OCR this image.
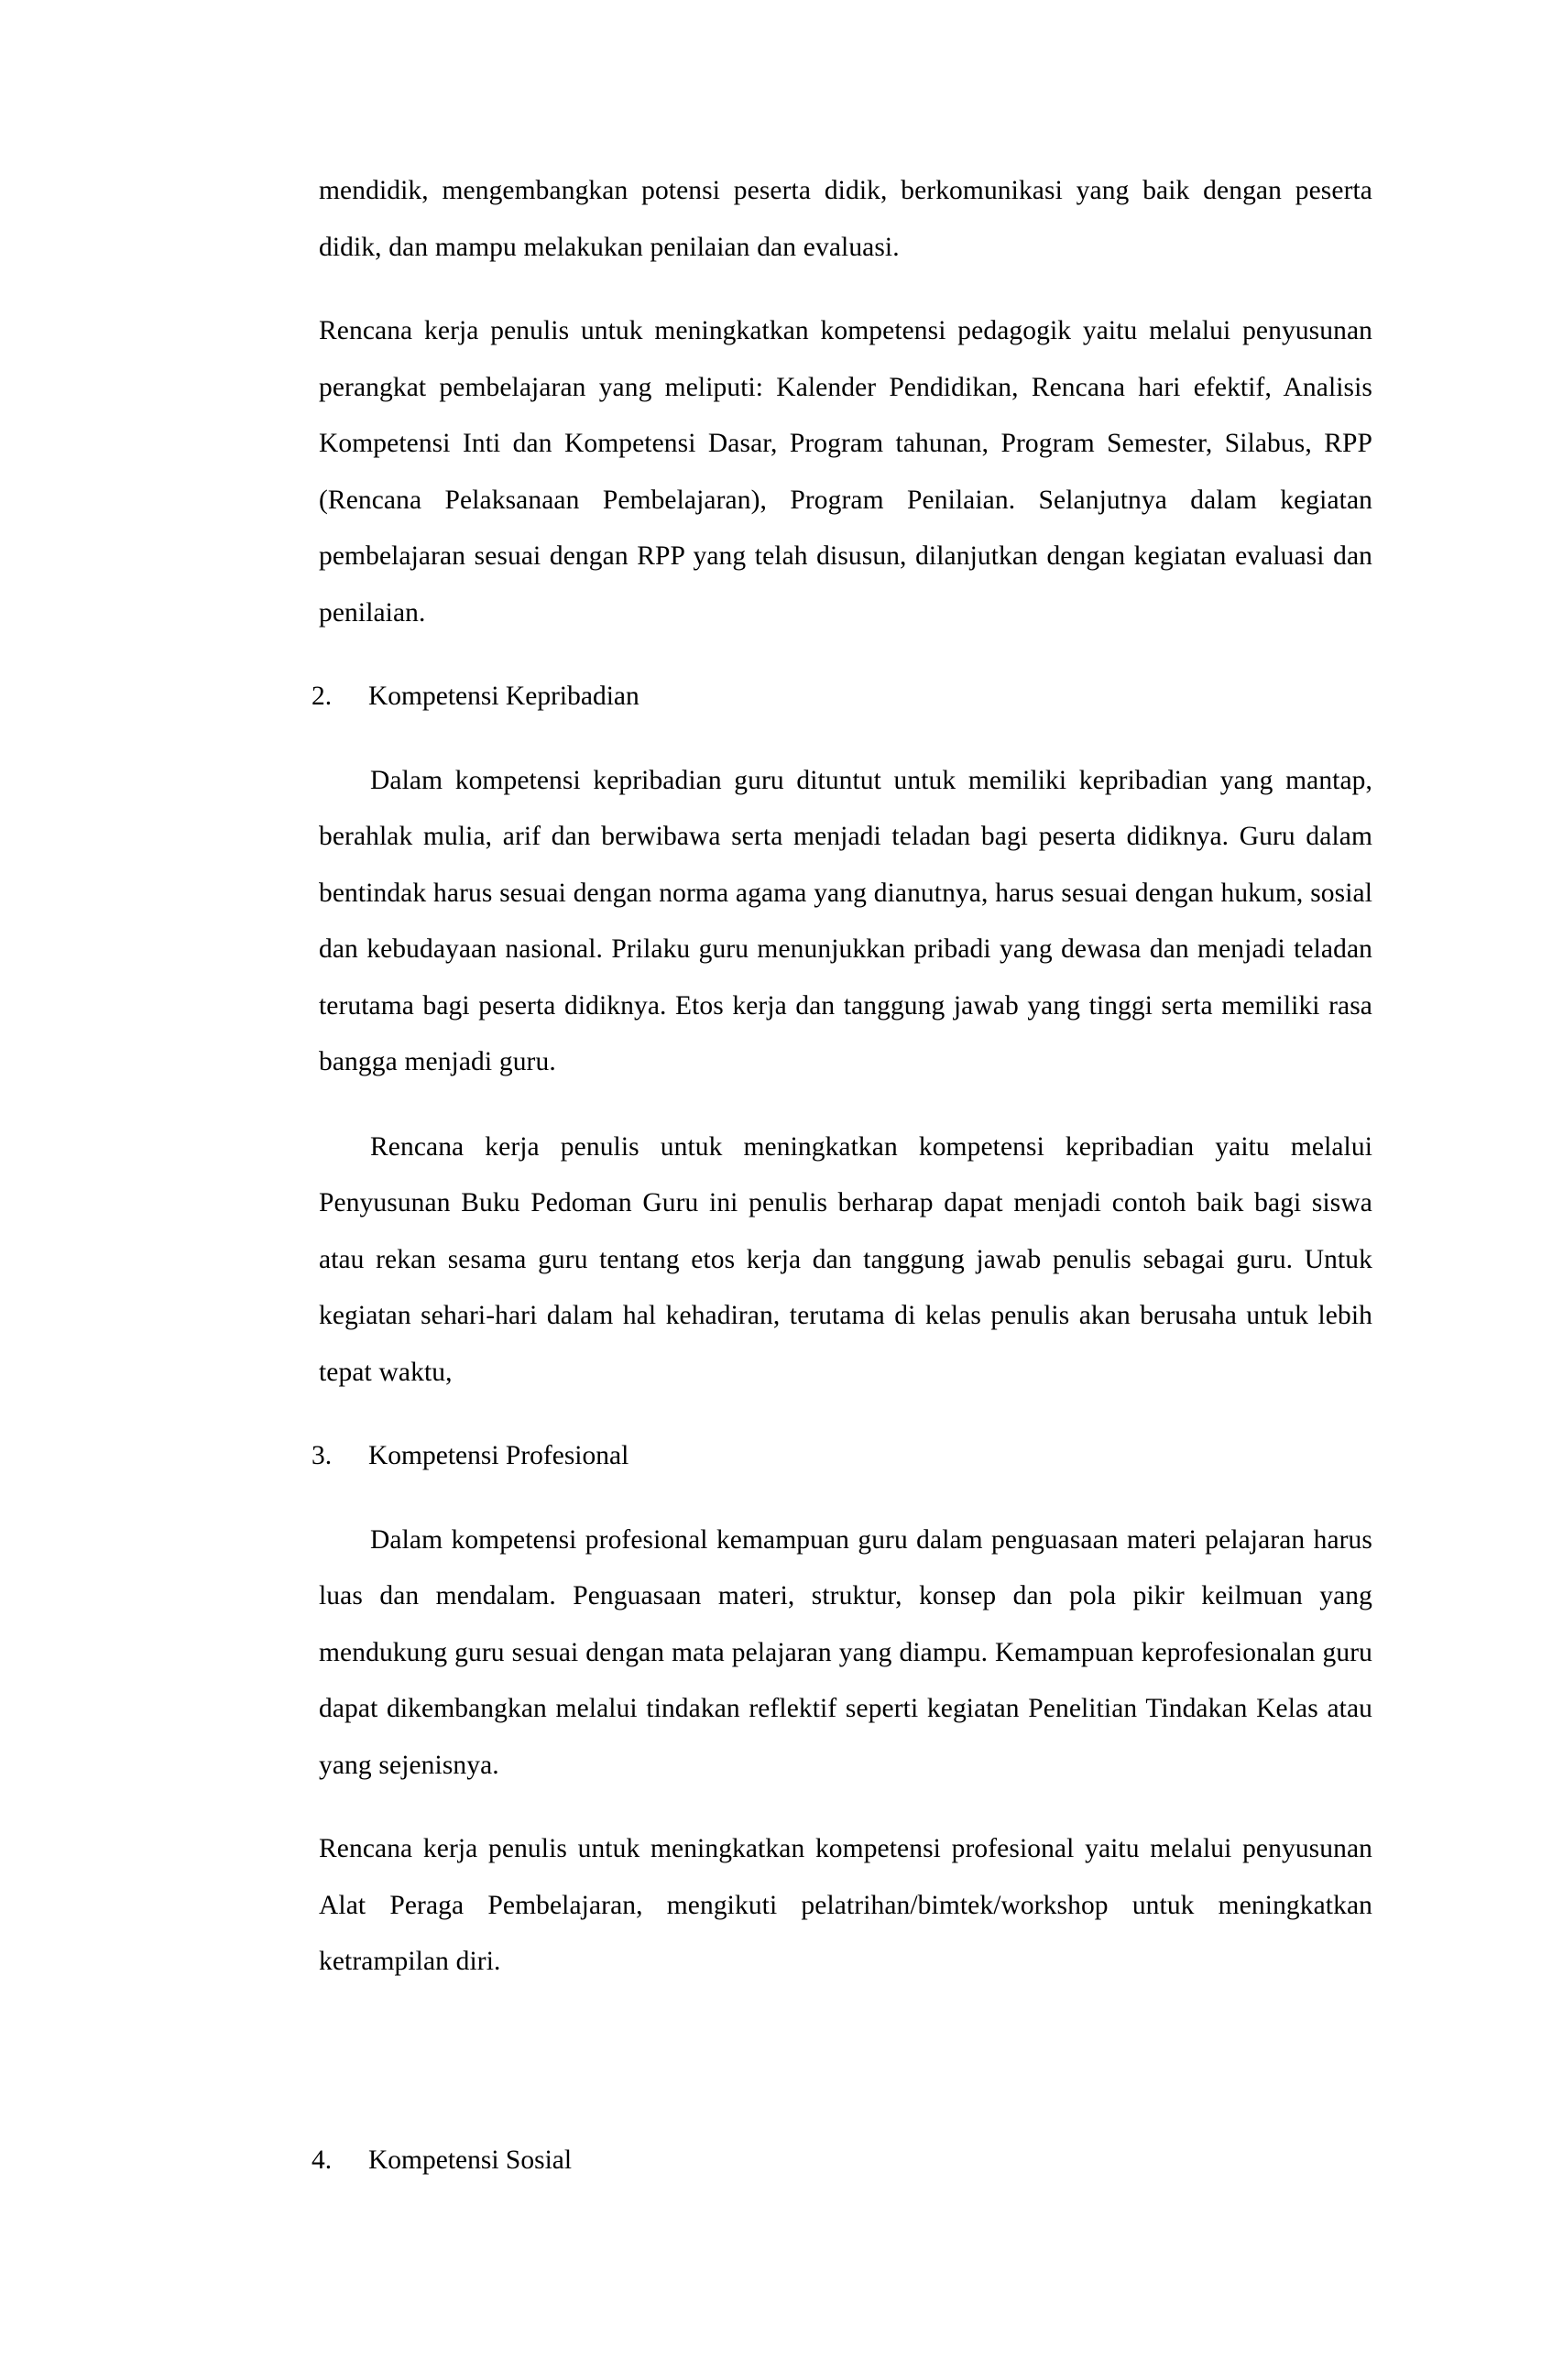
mendidik, mengembangkan potensi peserta didik, berkomunikasi yang baik dengan peserta didik, dan mampu melakukan penilaian dan evaluasi.

Rencana kerja penulis untuk meningkatkan kompetensi pedagogik yaitu melalui penyusunan perangkat pembelajaran yang meliputi: Kalender Pendidikan, Rencana hari efektif, Analisis Kompetensi Inti dan Kompetensi Dasar, Program tahunan, Program Semester, Silabus, RPP (Rencana Pelaksanaan Pembelajaran), Program Penilaian. Selanjutnya dalam kegiatan pembelajaran sesuai dengan RPP yang telah disusun, dilanjutkan dengan kegiatan evaluasi dan penilaian.

2.	Kompetensi Kepribadian

Dalam kompetensi kepribadian guru dituntut untuk memiliki kepribadian yang mantap, berahlak mulia, arif dan berwibawa serta menjadi teladan bagi peserta didiknya. Guru dalam bentindak harus sesuai dengan norma agama yang dianutnya, harus sesuai dengan hukum, sosial dan kebudayaan nasional. Prilaku guru menunjukkan pribadi yang dewasa dan menjadi teladan terutama bagi peserta didiknya. Etos kerja dan tanggung jawab yang tinggi serta memiliki rasa bangga menjadi guru.

Rencana kerja penulis untuk meningkatkan kompetensi kepribadian yaitu melalui Penyusunan Buku Pedoman Guru ini penulis berharap dapat menjadi contoh baik bagi siswa atau rekan sesama guru tentang etos kerja dan tanggung jawab penulis sebagai guru. Untuk kegiatan sehari-hari dalam hal kehadiran, terutama di kelas penulis akan berusaha untuk lebih tepat waktu,

3.	Kompetensi Profesional

Dalam kompetensi profesional kemampuan guru dalam penguasaan materi pelajaran harus luas dan mendalam. Penguasaan materi, struktur, konsep dan pola pikir keilmuan yang mendukung guru sesuai dengan mata pelajaran yang diampu. Kemampuan keprofesionalan guru dapat dikembangkan melalui tindakan reflektif seperti kegiatan Penelitian Tindakan Kelas atau yang sejenisnya.

Rencana kerja penulis untuk meningkatkan kompetensi profesional yaitu melalui penyusunan Alat Peraga Pembelajaran, mengikuti pelatrihan/bimtek/workshop untuk meningkatkan ketrampilan diri.

4.	Kompetensi Sosial
